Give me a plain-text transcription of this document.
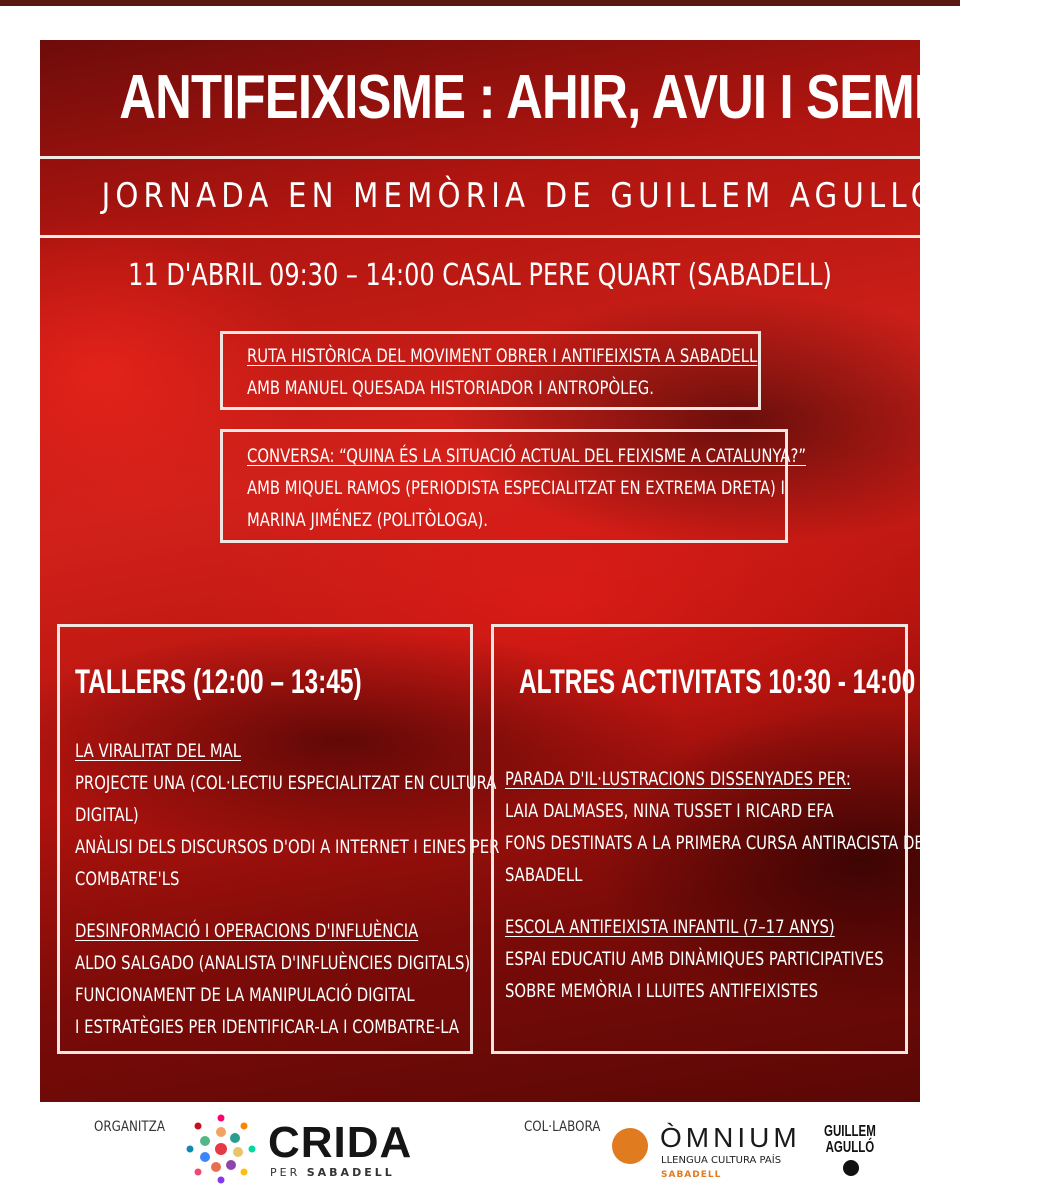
ANTIFEIXISME : AHIR, AVUI I SEMPRE
JORNADA EN MEMÒRIA DE GUILLEM AGULLÓ
11 D'ABRIL 09:30 – 14:00 CASAL PERE QUART (SABADELL)
RUTA HISTÒRICA DEL MOVIMENT OBRER I ANTIFEIXISTA A SABADELL
AMB MANUEL QUESADA HISTORIADOR I ANTROPÒLEG.
CONVERSA: “QUINA ÉS LA SITUACIÓ ACTUAL DEL FEIXISME A CATALUNYA?”
AMB MIQUEL RAMOS (PERIODISTA ESPECIALITZAT EN EXTREMA DRETA) I
MARINA JIMÉNEZ (POLITÒLOGA).
TALLERS (12:00 – 13:45)
LA VIRALITAT DEL MAL
PROJECTE UNA (COL·LECTIU ESPECIALITZAT EN CULTURA
DIGITAL)
ANÀLISI DELS DISCURSOS D'ODI A INTERNET I EINES PER
COMBATRE'LS
DESINFORMACIÓ I OPERACIONS D'INFLUÈNCIA
ALDO SALGADO (ANALISTA D'INFLUÈNCIES DIGITALS)
FUNCIONAMENT DE LA MANIPULACIÓ DIGITAL
I ESTRATÈGIES PER IDENTIFICAR-LA I COMBATRE-LA
ALTRES ACTIVITATS 10:30 - 14:00
PARADA D'IL·LUSTRACIONS DISSENYADES PER:
LAIA DALMASES, NINA TUSSET I RICARD EFA
FONS DESTINATS A LA PRIMERA CURSA ANTIRACISTA DE
SABADELL
ESCOLA ANTIFEIXISTA INFANTIL (7–17 ANYS)
ESPAI EDUCATIU AMB DINÀMIQUES PARTICIPATIVES
SOBRE MEMÒRIA I LLUITES ANTIFEIXISTES
ORGANITZA CRIDA
PER SABADELL
COL·LABORA ÒMNIUM
LLENGUA CULTURA PAÍS
SABADELL
GUILLEM
AGULLÓ
